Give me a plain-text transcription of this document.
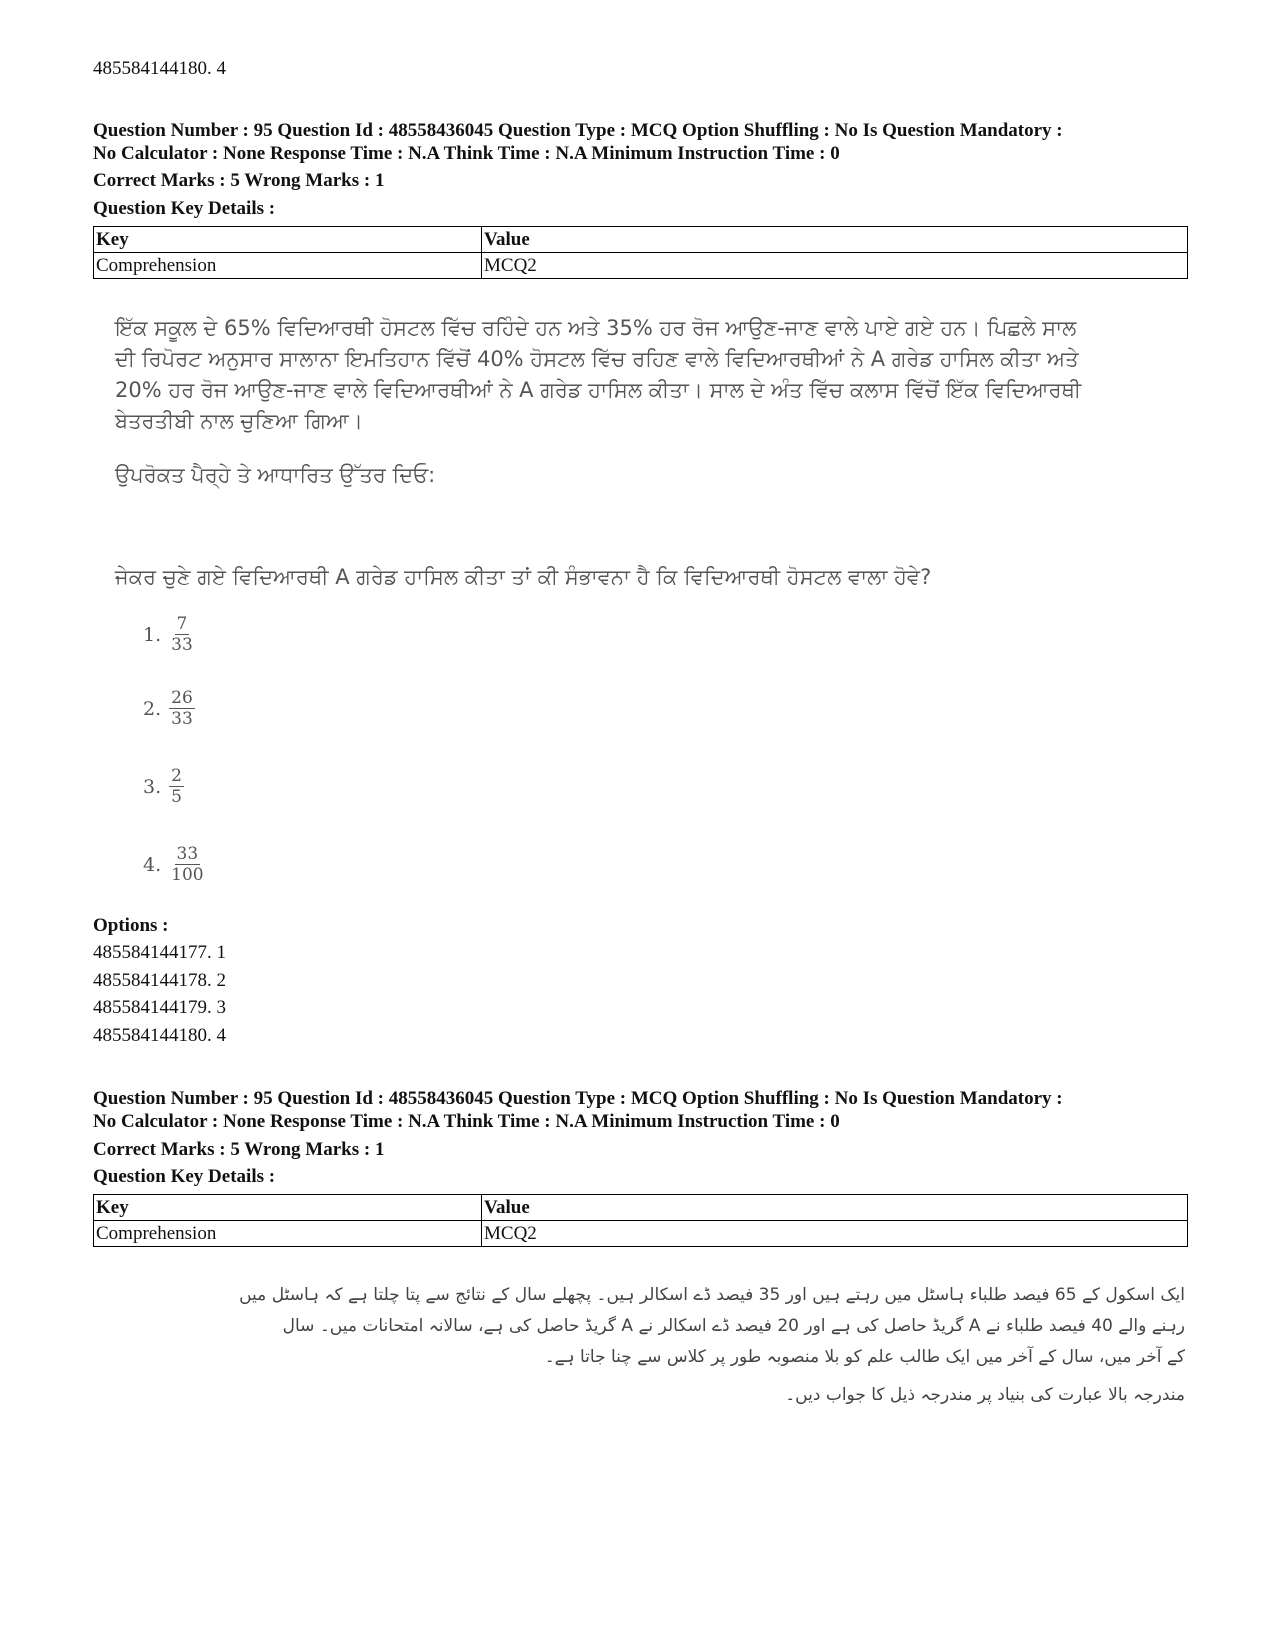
485584144180. 4
Question Number : 95 Question Id : 48558436045 Question Type : MCQ Option Shuffling : No Is Question Mandatory :
No Calculator : None Response Time : N.A Think Time : N.A Minimum Instruction Time : 0
Correct Marks : 5 Wrong Marks : 1
Question Key Details :
Key	Value
Comprehension	MCQ2
ਇੱਕ ਸਕੂਲ ਦੇ 65% ਵਿਦਿਆਰਥੀ ਹੋਸਟਲ ਵਿੱਚ ਰਹਿੰਦੇ ਹਨ ਅਤੇ 35% ਹਰ ਰੋਜ ਆਉਣ-ਜਾਣ ਵਾਲੇ ਪਾਏ ਗਏ ਹਨ। ਪਿਛਲੇ ਸਾਲ
ਦੀ ਰਿਪੋਰਟ ਅਨੁਸਾਰ ਸਾਲਾਨਾ ਇਮਤਿਹਾਨ ਵਿੱਚੋਂ 40% ਹੋਸਟਲ ਵਿੱਚ ਰਹਿਣ ਵਾਲੇ ਵਿਦਿਆਰਥੀਆਂ ਨੇ A ਗਰੇਡ ਹਾਸਿਲ ਕੀਤਾ ਅਤੇ
20% ਹਰ ਰੋਜ ਆਉਣ-ਜਾਣ ਵਾਲੇ ਵਿਦਿਆਰਥੀਆਂ ਨੇ A ਗਰੇਡ ਹਾਸਿਲ ਕੀਤਾ। ਸਾਲ ਦੇ ਅੰਤ ਵਿੱਚ ਕਲਾਸ ਵਿੱਚੋਂ ਇੱਕ ਵਿਦਿਆਰਥੀ
ਬੇਤਰਤੀਬੀ ਨਾਲ ਚੁਣਿਆ ਗਿਆ।
ਉਪਰੋਕਤ ਪੈਰ੍ਹੇ ਤੇ ਆਧਾਰਿਤ ਉੱਤਰ ਦਿਓ:
ਜੇਕਰ ਚੁਣੇ ਗਏ ਵਿਦਿਆਰਥੀ A ਗਰੇਡ ਹਾਸਿਲ ਕੀਤਾ ਤਾਂ ਕੀ ਸੰਭਾਵਨਾ ਹੈ ਕਿ ਵਿਦਿਆਰਥੀ ਹੋਸਟਲ ਵਾਲਾ ਹੋਵੇ?
1. $\frac{7}{33}$
2. $\frac{26}{33}$
3. $\frac{2}{5}$
4. $\frac{33}{100}$
Options :
485584144177. 1
485584144178. 2
485584144179. 3
485584144180. 4
Question Number : 95 Question Id : 48558436045 Question Type : MCQ Option Shuffling : No Is Question Mandatory :
No Calculator : None Response Time : N.A Think Time : N.A Minimum Instruction Time : 0
Correct Marks : 5 Wrong Marks : 1
Question Key Details :
Key	Value
Comprehension	MCQ2
ایک اسکول کے 65 فیصد طلباء ہاسٹل میں رہتے ہیں اور 35 فیصد ڈے اسکالر ہیں۔ پچھلے سال کے نتائج سے پتا چلتا ہے کہ ہاسٹل میں
رہنے والے 40 فیصد طلباء نے A گریڈ حاصل کی ہے اور 20 فیصد ڈے اسکالر نے A گریڈ حاصل کی ہے، سالانہ امتحانات میں۔ سال
کے آخر میں، سال کے آخر میں ایک طالب علم کو بلا منصوبہ طور پر کلاس سے چنا جاتا ہے۔
مندرجہ بالا عبارت کی بنیاد پر مندرجہ ذیل کا جواب دیں۔
